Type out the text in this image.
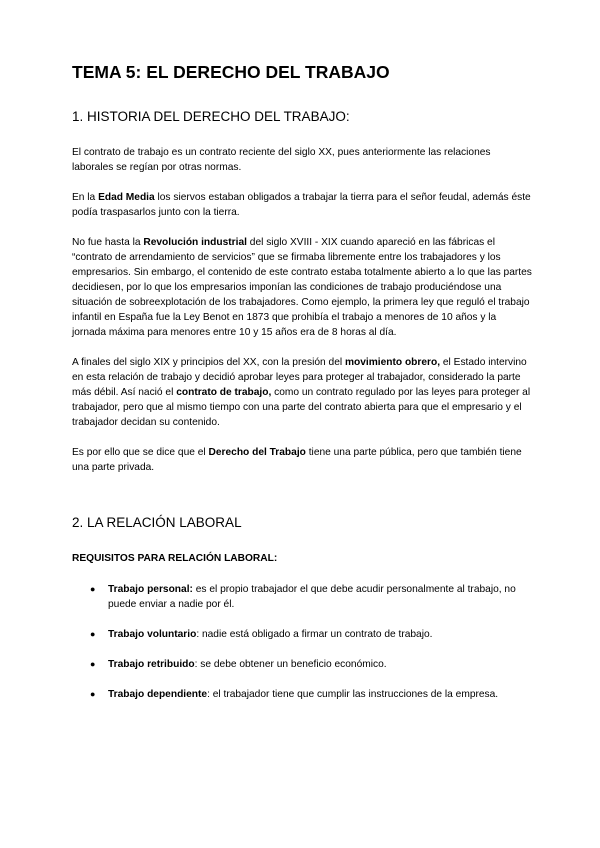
TEMA 5: EL DERECHO DEL TRABAJO
1. HISTORIA DEL DERECHO DEL TRABAJO:

El contrato de trabajo es un contrato reciente del siglo XX, pues anteriormente las relaciones laborales se regían por otras normas.

En la Edad Media los siervos estaban obligados a trabajar la tierra para el señor feudal, además éste podía traspasarlos junto con la tierra.

No fue hasta la Revolución industrial del siglo XVIII - XIX cuando apareció en las fábricas el “contrato de arrendamiento de servicios” que se firmaba libremente entre los trabajadores y los empresarios. Sin embargo, el contenido de este contrato estaba totalmente abierto a lo que las partes decidiesen, por lo que los empresarios imponían las condiciones de trabajo produciéndose una situación de sobreexplotación de los trabajadores. Como ejemplo, la primera ley que reguló el trabajo infantil en España fue la Ley Benot en 1873 que prohibía el trabajo a menores de 10 años y la jornada máxima para menores entre 10 y 15 años era de 8 horas al día.

A finales del siglo XIX y principios del XX, con la presión del movimiento obrero, el Estado intervino en esta relación de trabajo y decidió aprobar leyes para proteger al trabajador, considerado la parte más débil. Así nació el contrato de trabajo, como un contrato regulado por las leyes para proteger al trabajador, pero que al mismo tiempo con una parte del contrato abierta para que el empresario y el trabajador decidan su contenido.

Es por ello que se dice que el Derecho del Trabajo tiene una parte pública, pero que también tiene una parte privada.

2. LA RELACIÓN LABORAL
REQUISITOS PARA RELACIÓN LABORAL:
● Trabajo personal: es el propio trabajador el que debe acudir personalmente al trabajo, no puede enviar a nadie por él.
● Trabajo voluntario: nadie está obligado a firmar un contrato de trabajo.
● Trabajo retribuido: se debe obtener un beneficio económico.
● Trabajo dependiente: el trabajador tiene que cumplir las instrucciones de la empresa.
